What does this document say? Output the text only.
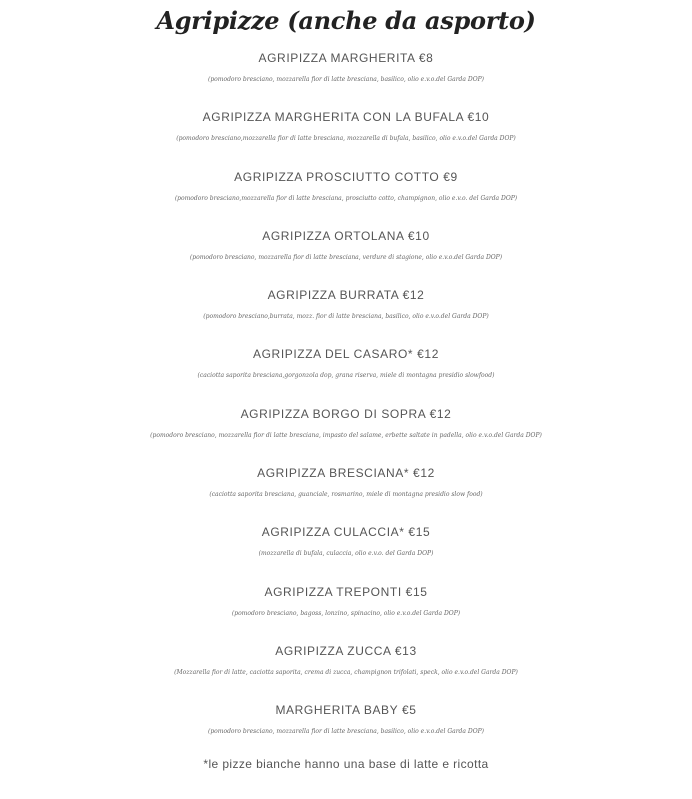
Agripizze (anche da asporto)
AGRIPIZZA MARGHERITA €8
(pomodoro bresciano, mozzarella fior di latte bresciana, basilico, olio e.v.o.del Garda DOP)
AGRIPIZZA MARGHERITA CON LA BUFALA €10
(pomodoro bresciano,mozzarella fior di latte bresciana, mozzarella di bufala, basilico, olio e.v.o.del Garda DOP)
AGRIPIZZA PROSCIUTTO COTTO €9
(pomodoro bresciano,mozzarella fior di latte bresciana, prosciutto cotto, champignon, olio e.v.o. del Garda DOP)
AGRIPIZZA ORTOLANA €10
(pomodoro bresciano, mozzarella fior di latte bresciana, verdure di stagione, olio e.v.o.del Garda DOP)
AGRIPIZZA BURRATA €12
(pomodoro bresciano,burrata, mozz. fior di latte bresciana, basilico, olio e.v.o.del Garda DOP)
AGRIPIZZA DEL CASARO* €12
(caciotta saporita bresciana,gorgonzola dop, grana riserva, miele di montagna presidio slowfood)
AGRIPIZZA BORGO DI SOPRA €12
(pomodoro bresciano, mozzarella fior di latte bresciana, impasto del salame, erbette saltate in padella, olio e.v.o.del Garda DOP)
AGRIPIZZA BRESCIANA* €12
(caciotta saporita bresciana, guanciale, rosmarino, miele di montagna presidio slow food)
AGRIPIZZA CULACCIA* €15
(mozzarella di bufala, culaccia, olio e.v.o. del Garda DOP)
AGRIPIZZA TREPONTI €15
(pomodoro bresciano, bagoss, lonzino, spinacino, olio e.v.o.del Garda DOP)
AGRIPIZZA ZUCCA €13
(Mozzarella fior di latte, caciotta saporita, crema di zucca, champignon trifolati, speck, olio e.v.o.del Garda DOP)
MARGHERITA BABY €5
(pomodoro bresciano, mozzarella fior di latte bresciana, basilico, olio e.v.o.del Garda DOP)
*le pizze bianche hanno una base di latte e ricotta
